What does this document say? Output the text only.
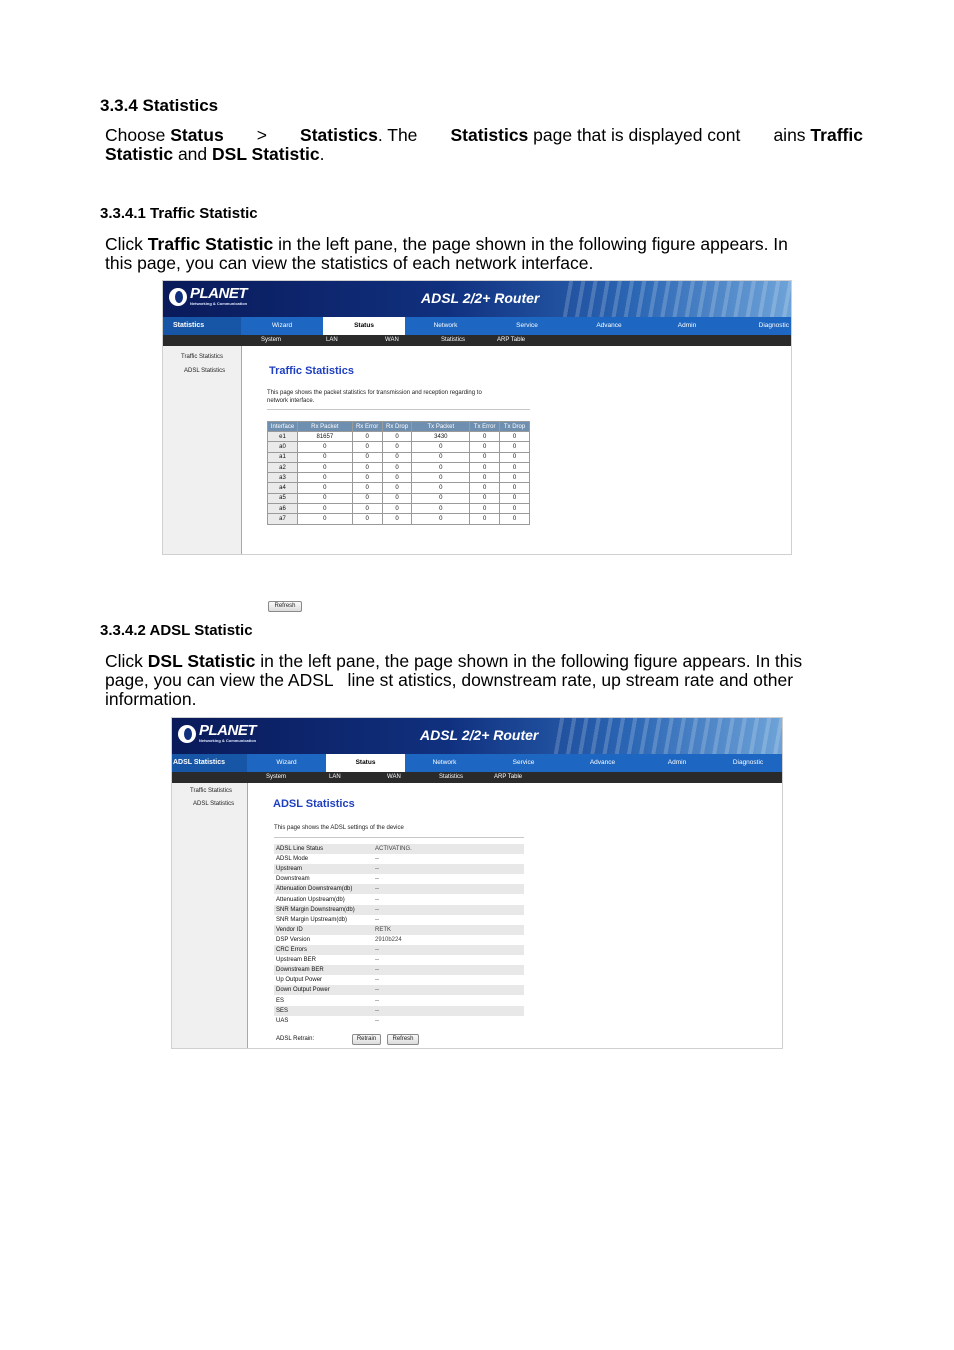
3.3.4 Statistics
Choose Status > Statistics. The Statistics page that is displayed cont ains Traffic
Statistic and DSL Statistic.
3.3.4.1 Traffic Statistic
Click Traffic Statistic in the left pane, the page shown in the following figure appears. In
this page, you can view the statistics of each network interface.
PLANET
Networking & Communication	ADSL 2/2+ Router
Statistics	Wizard	Status	Network	Service	Advance	Admin	Diagnostic
System	LAN	WAN	Statistics	ARP Table
Traffic Statistics
ADSL Statistics	Traffic Statistics
This page shows the packet statistics for transmission and reception regarding to
network interface.
Interface	Rx Packet	Rx Error	Rx Drop	Tx Packet	Tx Error	Tx Drop
e1	81657	0	0	3430	0	0
a0	0	0	0	0	0	0
a1	0	0	0	0	0	0
a2	0	0	0	0	0	0
a3	0	0	0	0	0	0
a4	0	0	0	0	0	0
a5	0	0	0	0	0	0
a6	0	0	0	0	0	0
a7	0	0	0	0	0	0
Refresh
3.3.4.2 ADSL Statistic
Click DSL Statistic in the left pane, the page shown in the following figure appears. In this
page, you can view the ADSL   line st atistics, downstream rate, up stream rate and other
information.
PLANET
Networking & Communication	ADSL 2/2+ Router
ADSL Statistics	Wizard	Status	Network	Service	Advance	Admin	Diagnostic
System	LAN	WAN	Statistics	ARP Table
Traffic Statistics
ADSL Statistics	ADSL Statistics
This page shows the ADSL settings of the device
ADSL Line Status	ACTIVATING.
ADSL Mode	--
Upstream	--
Downstream	--
Attenuation Downstream(db)	--
Attenuation Upstream(db)	--
SNR Margin Downstream(db)	--
SNR Margin Upstream(db)	--
Vendor ID	RETK
DSP Version	2910b224
CRC Errors	--
Upstream BER	--
Downstream BER	--
Up Output Power	--
Down Output Power	--
ES	--
SES	--
UAS	--
ADSL Retrain:	Retrain	Refresh
